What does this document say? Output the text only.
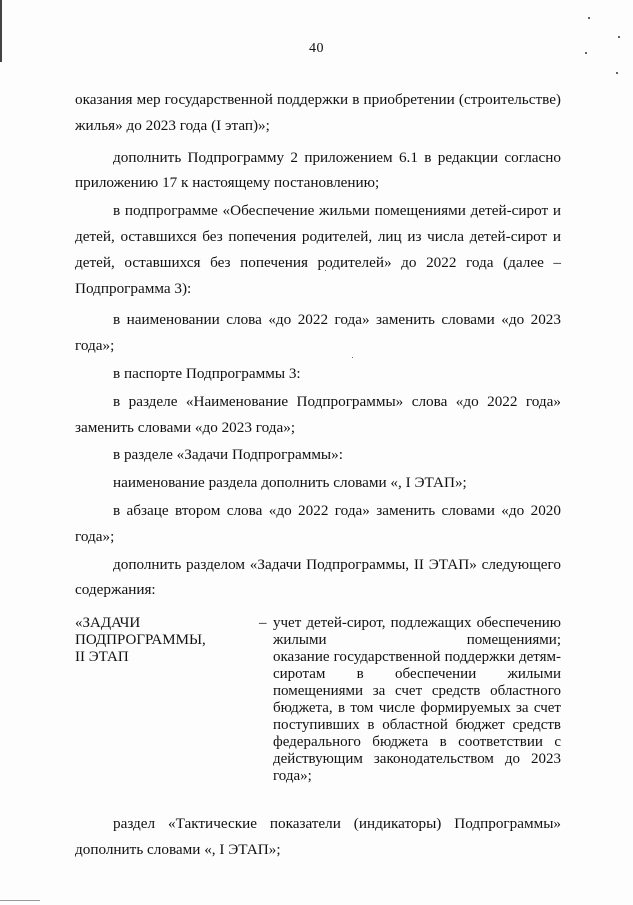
40

оказания мер государственной поддержки в приобретении (строительстве) жилья» до 2023 года (I этап)»;

дополнить Подпрограмму 2 приложением 6.1 в редакции согласно приложению 17 к настоящему постановлению;

в подпрограмме «Обеспечение жильми помещениями детей-сирот и детей, оставшихся без попечения родителей, лиц из числа детей-сирот и детей, оставшихся без попечения родителей» до 2022 года (далее – Подпрограмма 3):

в наименовании слова «до 2022 года» заменить словами «до 2023 года»;

в паспорте Подпрограммы 3:

в разделе «Наименование Подпрограммы» слова «до 2022 года» заменить словами «до 2023 года»;

в разделе «Задачи Подпрограммы»:

наименование раздела дополнить словами «, I ЭТАП»;

в абзаце втором слова «до 2022 года» заменить словами «до 2020 года»;

дополнить разделом «Задачи Подпрограммы, II ЭТАП» следующего содержания:

«ЗАДАЧИ
ПОДПРОГРАММЫ,
II ЭТАП
– учет детей-сирот, подлежащих обеспечению жилыми помещениями;

оказание государственной поддержки детям-сиротам в обеспечении жилыми помещениями за счет средств областного бюджета, в том числе формируемых за счет поступивших в областной бюджет средств федерального бюджета в соответствии с действующим законодательством до 2023 года»;

раздел «Тактические показатели (индикаторы) Подпрограммы» дополнить словами «, I ЭТАП»;
